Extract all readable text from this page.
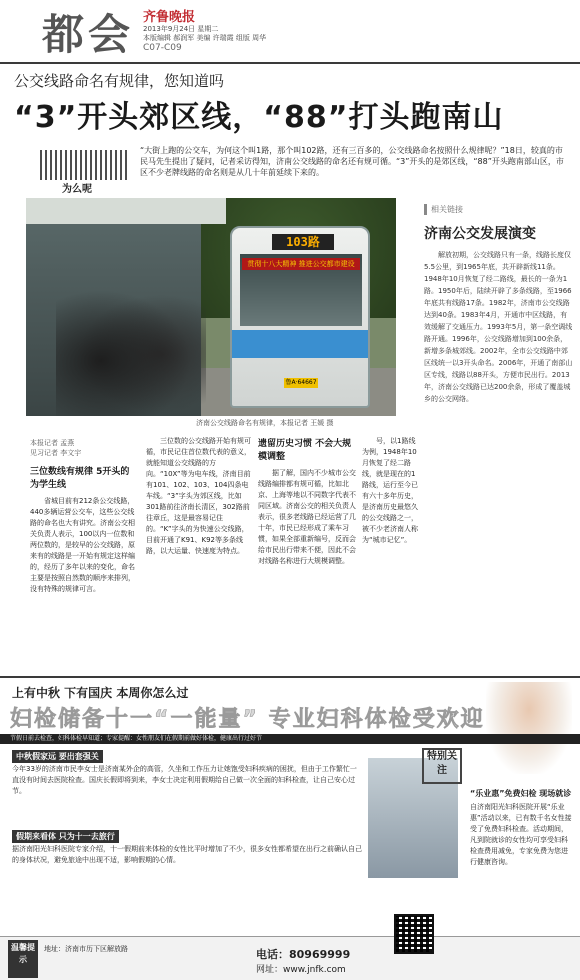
都会 齐鲁晚报
2013年9月24日 星期二
本版编辑 郝润军 美编 许瑞霞 组版 周华
C07-C09
公交线路命名有规律，您知道吗
“3”开头郊区线，“88”打头跑南山
为么呢
“大街上跑的公交车，为何这个叫1路，那个叫102路，还有三百多的，公交线路命名按照什么规律呢？”18日，较真的市民马先生提出了疑问，记者采访得知，济南公交线路的命名还有规可循。“3”开头的是郊区线，“88”开头跑南部山区，市区不少老牌线路的命名则是从几十年前延续下来的。
103路
贯彻十八大精神 推进公交都市建设
鲁A·64667
济南公交线路命名有规律，本报记者 王媛 摄
相关链接
济南公交发展演变
解放初期，公交线路只有一条，线路长度仅5.5公里，到1965年底，共开辟新线11条。1948年10月恢复了经二路线，最长的一条为1路。1950年后，陆续开辟了多条线路，至1966年底共有线路17条。1982年，济南市公交线路达到40条。1983年4月，开通市中区线路，有效缓解了交通压力。1993年5月，第一条空调线路开通。1996年，公交线路增加到100余条，新增多条城郊线。2002年，全市公交线路中郊区线统一以3开头命名。2006年，开通了南部山区专线，线路以88开头，方便市民出行。2013年，济南公交线路已达200余条，形成了覆盖城乡的公交网络。
本报记者 孟燕
见习记者 李文宇
三位数线有规律 5开头的为学生线

省城目前有212条公交线路，440多辆运营公交车，这些公交线路的命名也大有讲究。济南公交相关负责人表示，100以内一位数和两位数的，是较早的公交线路，原来有的线路是一开始有规定这样编的，经历了多年以来的变化，命名主要是按照自然数的顺序来排列，没有特殊的规律可言。

三位数的公交线路开始有规可循，市民记住首位数代表的意义，就能知道公交线路的方向。“10X”等为电车线，济南目前有101、102、103、104四条电车线。“3”字头为郊区线，比如301路前往济南长清区，302路前往章丘，这是最容易记住的。“K”字头的为快速公交线路，目前开通了K91、K92等多条线路，以大运量、快速度为特点。

遗留历史习惯 不会大规模调整

据了解，国内不少城市公交线路编排都有规可循，比如北京、上海等地以不同数字代表不同区域。济南公交的相关负责人表示，很多老线路已经运营了几十年，市民已经形成了乘车习惯，如果全部重新编号，反而会给市民出行带来不便，因此不会对线路名称进行大规模调整。

号，以1路线为例，1948年10月恢复了经二路线，就是现在的1路线，运行至今已有六十多年历史，是济南历史最悠久的公交线路之一，被不少老济南人称为“城市记忆”。

上有中秋 下有国庆 本周你怎么过
妇检储备十一“一能量” 专业妇科体检受欢迎
节假日前去检查，妇科体检早知道；专家提醒：女性朋友们在假期前做好体检，健康出行过好节
中秋假家远 要出套强关
今年33岁的济南市民李女士是济南某外企的高管，久坐和工作压力让她饱受妇科疾病的困扰，但由于工作繁忙一直没有时间去医院检查。国庆长假即将到来，李女士决定利用假期给自己做一次全面的妇科检查，让自己安心过节。
假期来看体 只为十一去旅行
据济南阳光妇科医院专家介绍，十一假期前来体检的女性比平时增加了不少，很多女性都希望在出行之前确认自己的身体状况，避免旅途中出现不适，影响假期的心情。
特别关注
“乐业惠”免费妇检 现场就诊
自济南阳光妇科医院开展“乐业惠”活动以来，已有数千名女性接受了免费妇科检查。活动期间，凡到院就诊的女性均可享受妇科检查费用减免，专家免费为您进行健康咨询。
温馨提示
地址：济南市历下区解放路	电话：80969999
网址：www.jnfk.com
